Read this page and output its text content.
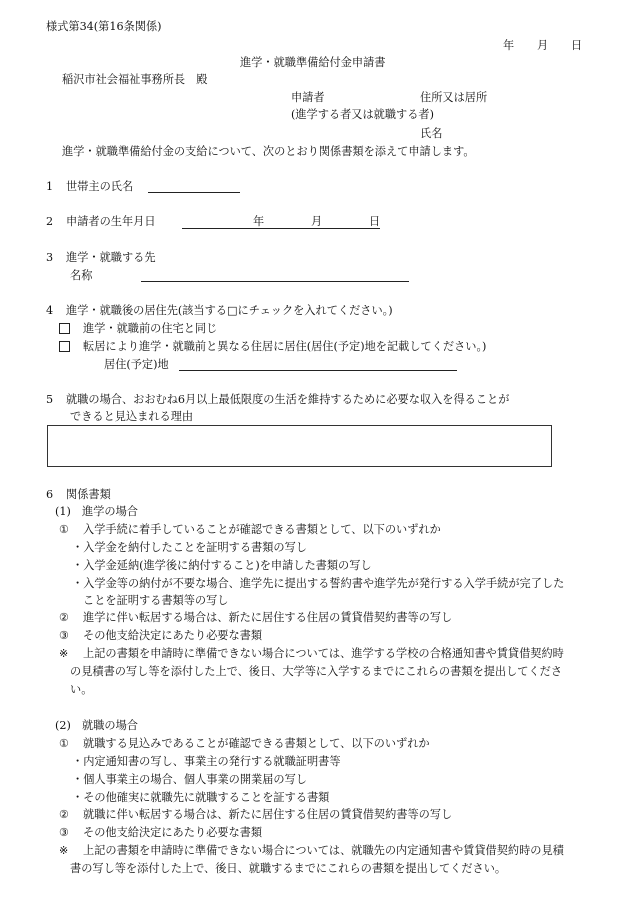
様式第34(第16条関係)
年 月 日
進学・就職準備給付金申請書
稲沢市社会福祉事務所長　殿
申請者	住所又は居所
(進学する者又は就職する者)
氏名
進学・就職準備給付金の支給について、次のとおり関係書類を添えて申請します。
1 世帯主の氏名
2 申請者の生年月日	年	月	日
3 進学・就職する先
名称
4 進学・就職後の居住先(該当する□にチェックを入れてください。)
進学・就職前の住宅と同じ
転居により進学・就職前と異なる住居に居住(居住(予定)地を記載してください。)
居住(予定)地
5 就職の場合、おおむね6月以上最低限度の生活を維持するために必要な収入を得ることが
できると見込まれる理由
6 関係書類
(1)　進学の場合
① 入学手続に着手していることが確認できる書類として、以下のいずれか
・入学金を納付したことを証明する書類の写し
・入学金延納(進学後に納付すること)を申請した書類の写し
・入学金等の納付が不要な場合、進学先に提出する誓約書や進学先が発行する入学手続が完了した
ことを証明する書類等の写し
② 進学に伴い転居する場合は、新たに居住する住居の賃貸借契約書等の写し
③ その他支給決定にあたり必要な書類
※ 上記の書類を申請時に準備できない場合については、進学する学校の合格通知書や賃貸借契約時
の見積書の写し等を添付した上で、後日、大学等に入学するまでにこれらの書類を提出してくださ
い。
(2)　就職の場合
① 就職する見込みであることが確認できる書類として、以下のいずれか
・内定通知書の写し、事業主の発行する就職証明書等
・個人事業主の場合、個人事業の開業届の写し
・その他確実に就職先に就職することを証する書類
② 就職に伴い転居する場合は、新たに居住する住居の賃貸借契約書等の写し
③ その他支給決定にあたり必要な書類
※ 上記の書類を申請時に準備できない場合については、就職先の内定通知書や賃貸借契約時の見積
書の写し等を添付した上で、後日、就職するまでにこれらの書類を提出してください。
